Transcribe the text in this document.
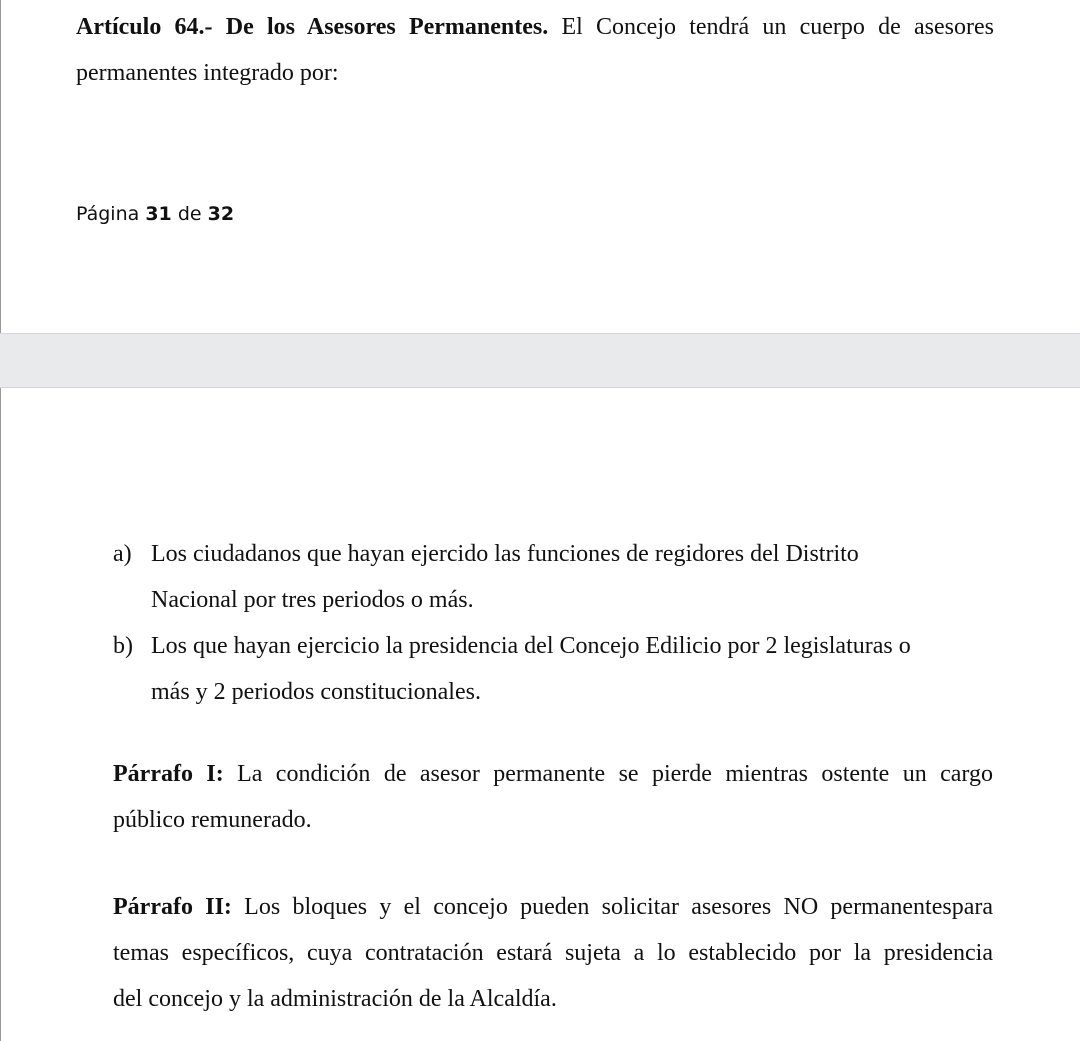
Artículo 64.- De los Asesores Permanentes. El Concejo tendrá un cuerpo de asesores
permanentes integrado por:

Página 31 de 32
a) Los ciudadanos que hayan ejercido las funciones de regidores del Distrito
Nacional por tres periodos o más.
b) Los que hayan ejercicio la presidencia del Concejo Edilicio por 2 legislaturas o
más y 2 periodos constitucionales.

Párrafo I: La condición de asesor permanente se pierde mientras ostente un cargo
público remunerado.

Párrafo II: Los bloques y el concejo pueden solicitar asesores NO permanentespara
temas específicos, cuya contratación estará sujeta a lo establecido por la presidencia
del concejo y la administración de la Alcaldía.
